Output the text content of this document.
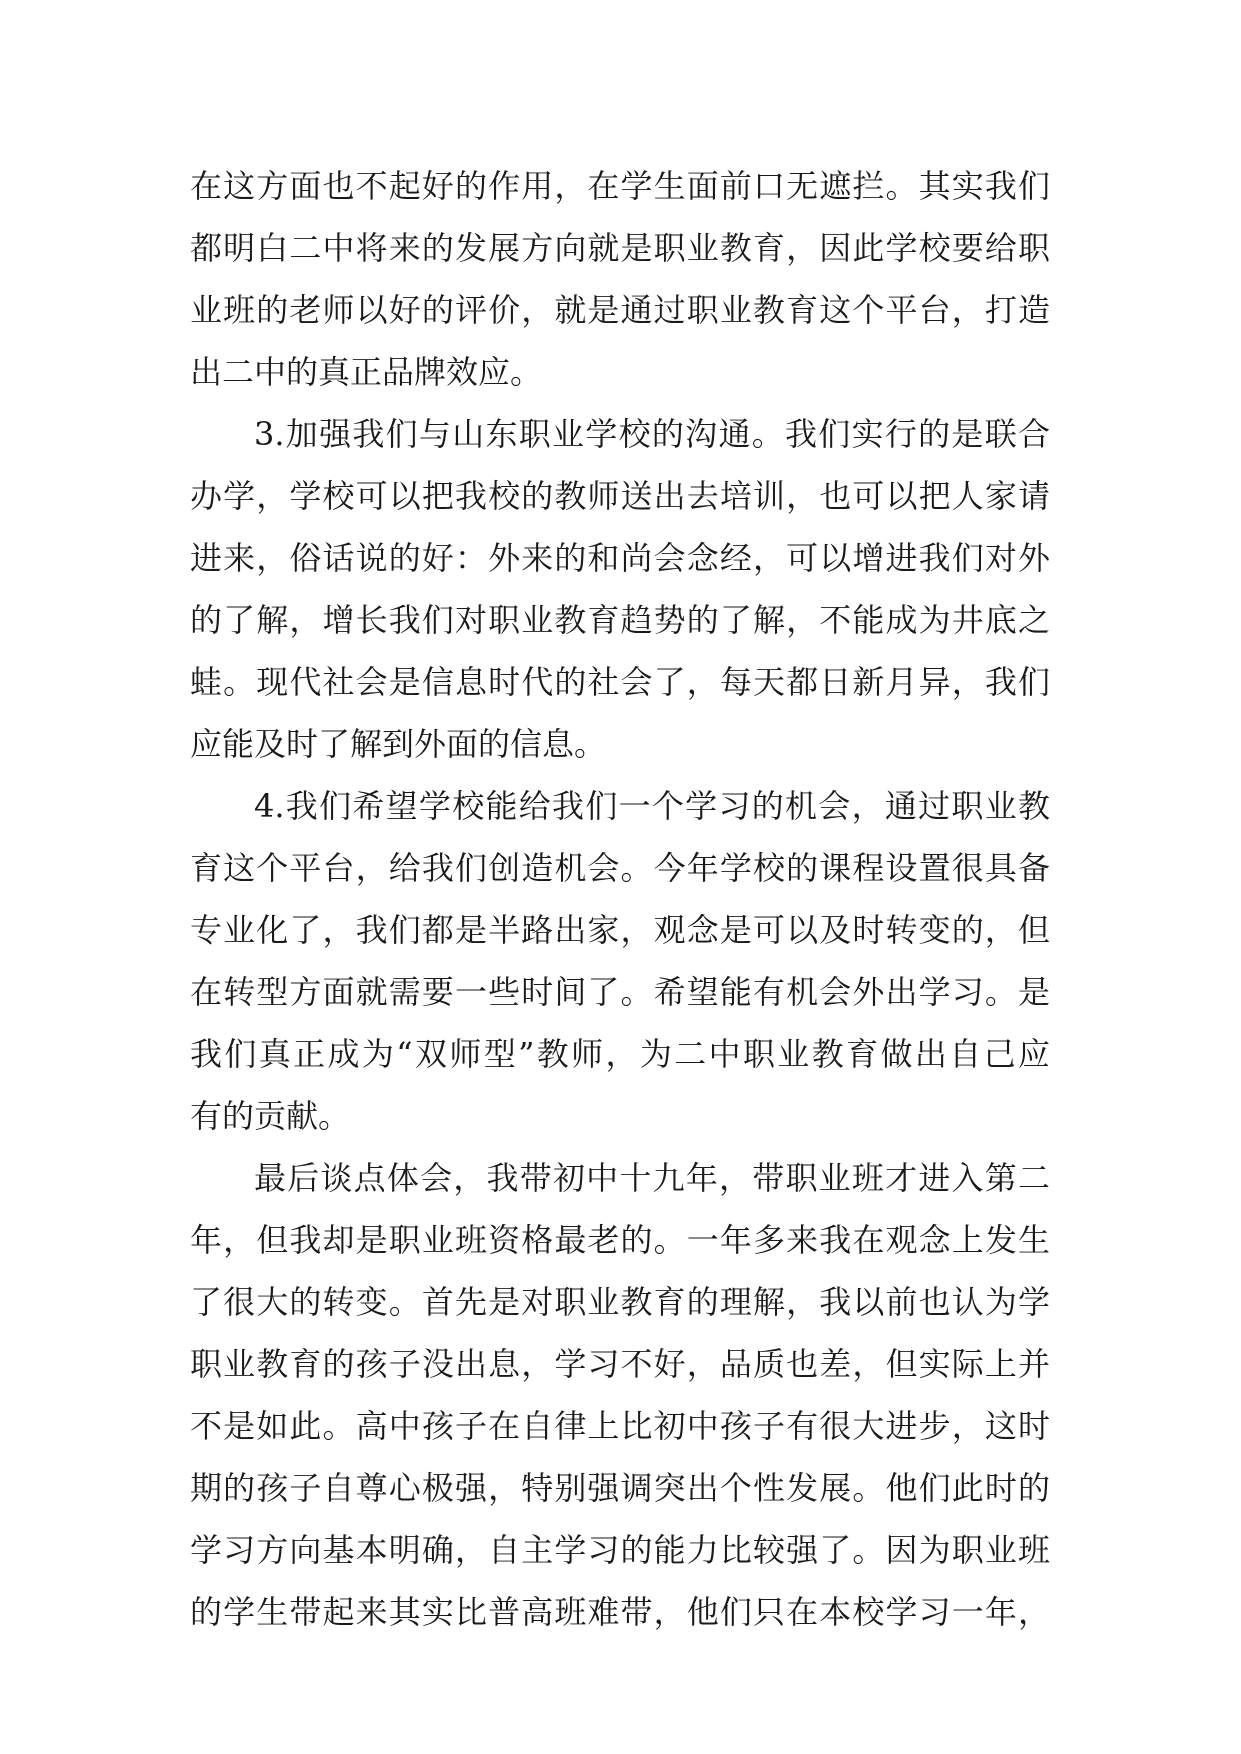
在这方面也不起好的作用，在学生面前口无遮拦。其实我们
都明白二中将来的发展方向就是职业教育，因此学校要给职
业班的老师以好的评价，就是通过职业教育这个平台，打造
出二中的真正品牌效应。
3.加强我们与山东职业学校的沟通。我们实行的是联合
办学，学校可以把我校的教师送出去培训，也可以把人家请
进来，俗话说的好：外来的和尚会念经，可以增进我们对外
的了解，增长我们对职业教育趋势的了解，不能成为井底之
蛙。现代社会是信息时代的社会了，每天都日新月异，我们
应能及时了解到外面的信息。
4.我们希望学校能给我们一个学习的机会，通过职业教
育这个平台，给我们创造机会。今年学校的课程设置很具备
专业化了，我们都是半路出家，观念是可以及时转变的，但
在转型方面就需要一些时间了。希望能有机会外出学习。是
我们真正成为“双师型”教师，为二中职业教育做出自己应
有的贡献。
最后谈点体会，我带初中十九年，带职业班才进入第二
年，但我却是职业班资格最老的。一年多来我在观念上发生
了很大的转变。首先是对职业教育的理解，我以前也认为学
职业教育的孩子没出息，学习不好，品质也差，但实际上并
不是如此。高中孩子在自律上比初中孩子有很大进步，这时
期的孩子自尊心极强，特别强调突出个性发展。他们此时的
学习方向基本明确，自主学习的能力比较强了。因为职业班
的学生带起来其实比普高班难带，他们只在本校学习一年，
